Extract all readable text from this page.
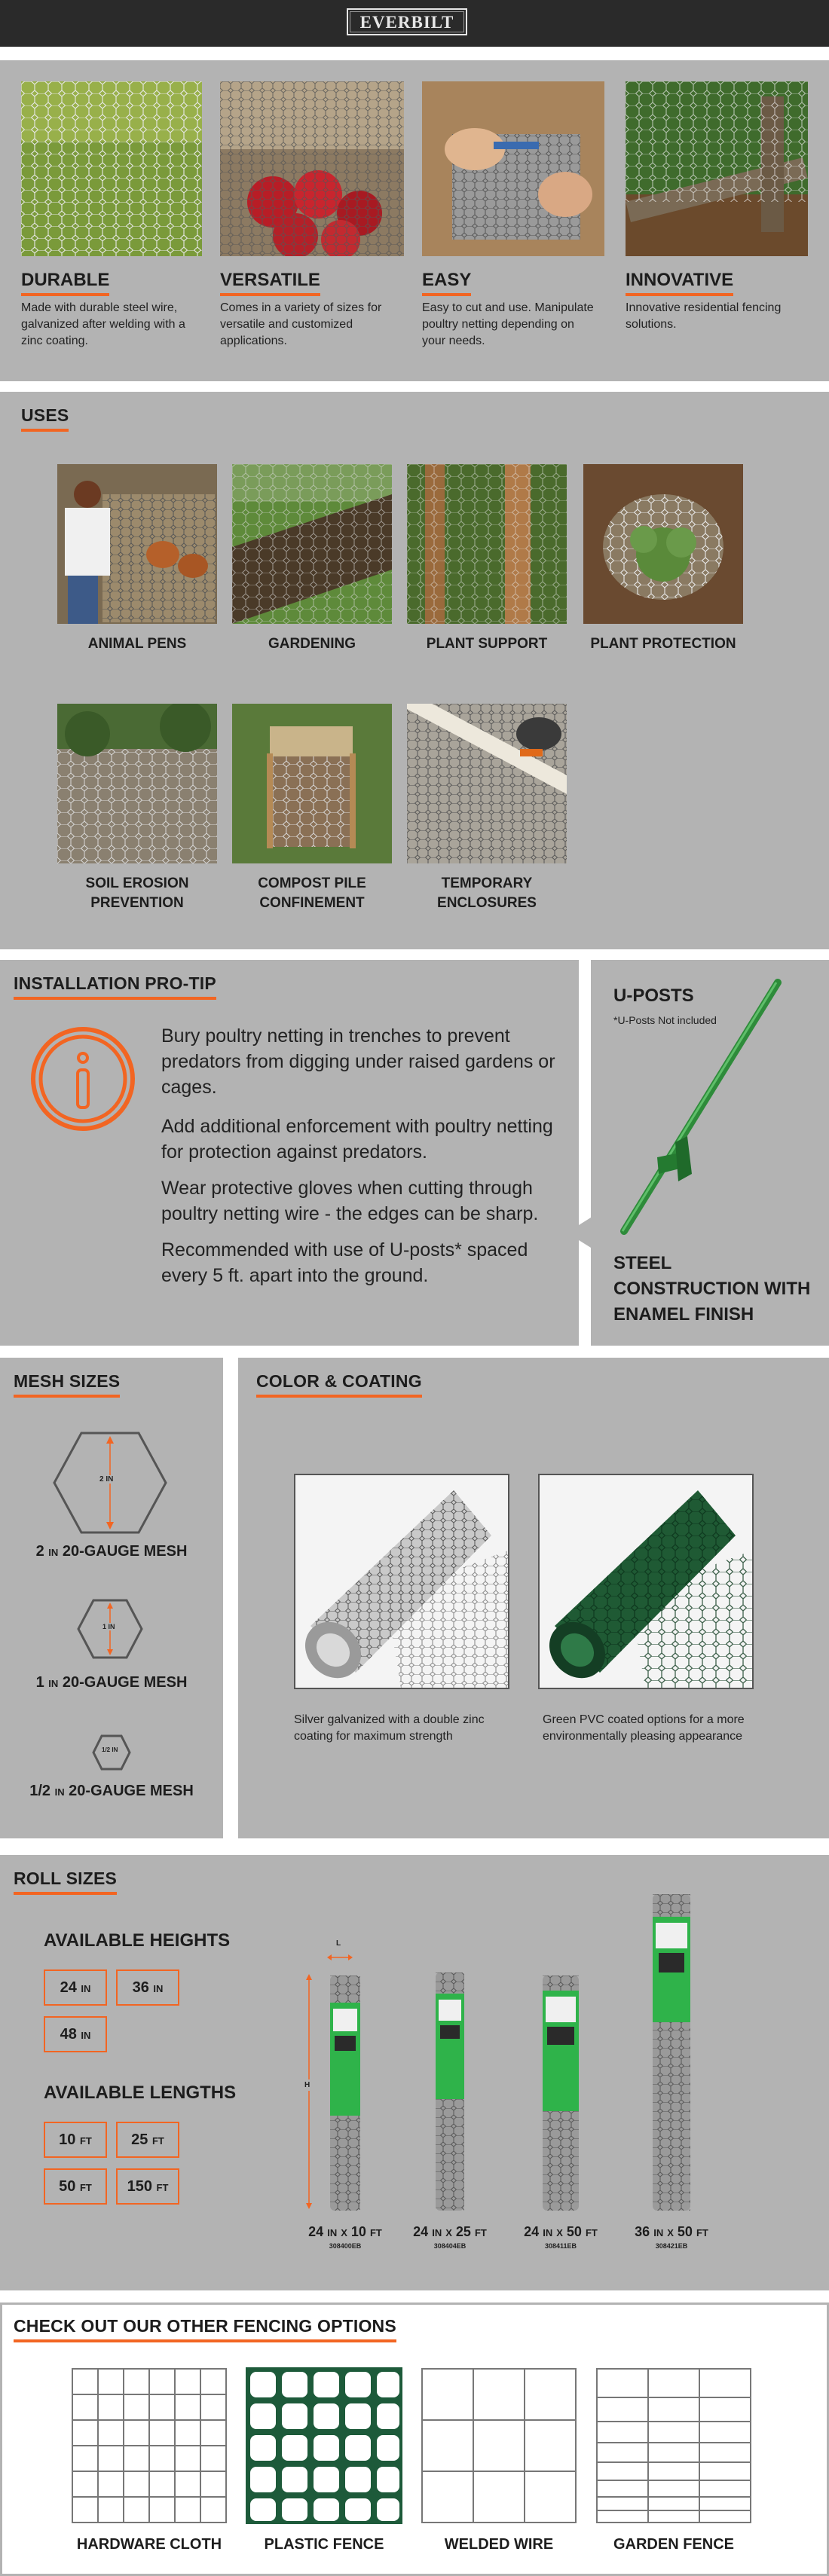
EVERBILT
DURABLE
Made with durable steel wire, galvanized after welding with a zinc coating.
VERSATILE
Comes in a variety of sizes for versatile and customized applications.
EASY
Easy to cut and use. Manipulate poultry netting depending on your needs.
INNOVATIVE
Innovative residential fencing solutions.
USES
ANIMAL PENS	GARDENING	PLANT SUPPORT	PLANT PROTECTION
SOIL EROSION PREVENTION
COMPOST PILE CONFINEMENT
TEMPORARY ENCLOSURES
INSTALLATION PRO-TIP
Bury poultry netting in trenches to prevent predators from digging under raised gardens or cages.
Add additional enforcement with poultry netting for protection against predators.
Wear protective gloves when cutting through poultry netting wire - the edges can be sharp.
Recommended with use of U-posts* spaced every 5 ft. apart into the ground.
U-POSTS
*U-Posts Not included
STEEL CONSTRUCTION WITH ENAMEL FINISH
MESH SIZES
2 IN
2 IN 20-GAUGE MESH
1 IN
1 IN 20-GAUGE MESH
1/2 IN
1/2 IN 20-GAUGE MESH
COLOR & COATING
Silver galvanized with a double zinc coating for maximum strength
Green PVC coated options for a more environmentally pleasing appearance
ROLL SIZES
AVAILABLE HEIGHTS
24 IN	36 IN
48 IN
AVAILABLE LENGTHS
10 FT	25 FT
50 FT	150 FT
L
H
24 IN X 10 FT
308400EB
24 IN X 25 FT
308404EB
24 IN X 50 FT
308411EB
36 IN X 50 FT
308421EB
CHECK OUT OUR OTHER FENCING OPTIONS
HARDWARE CLOTH	PLASTIC FENCE	WELDED WIRE	GARDEN FENCE
